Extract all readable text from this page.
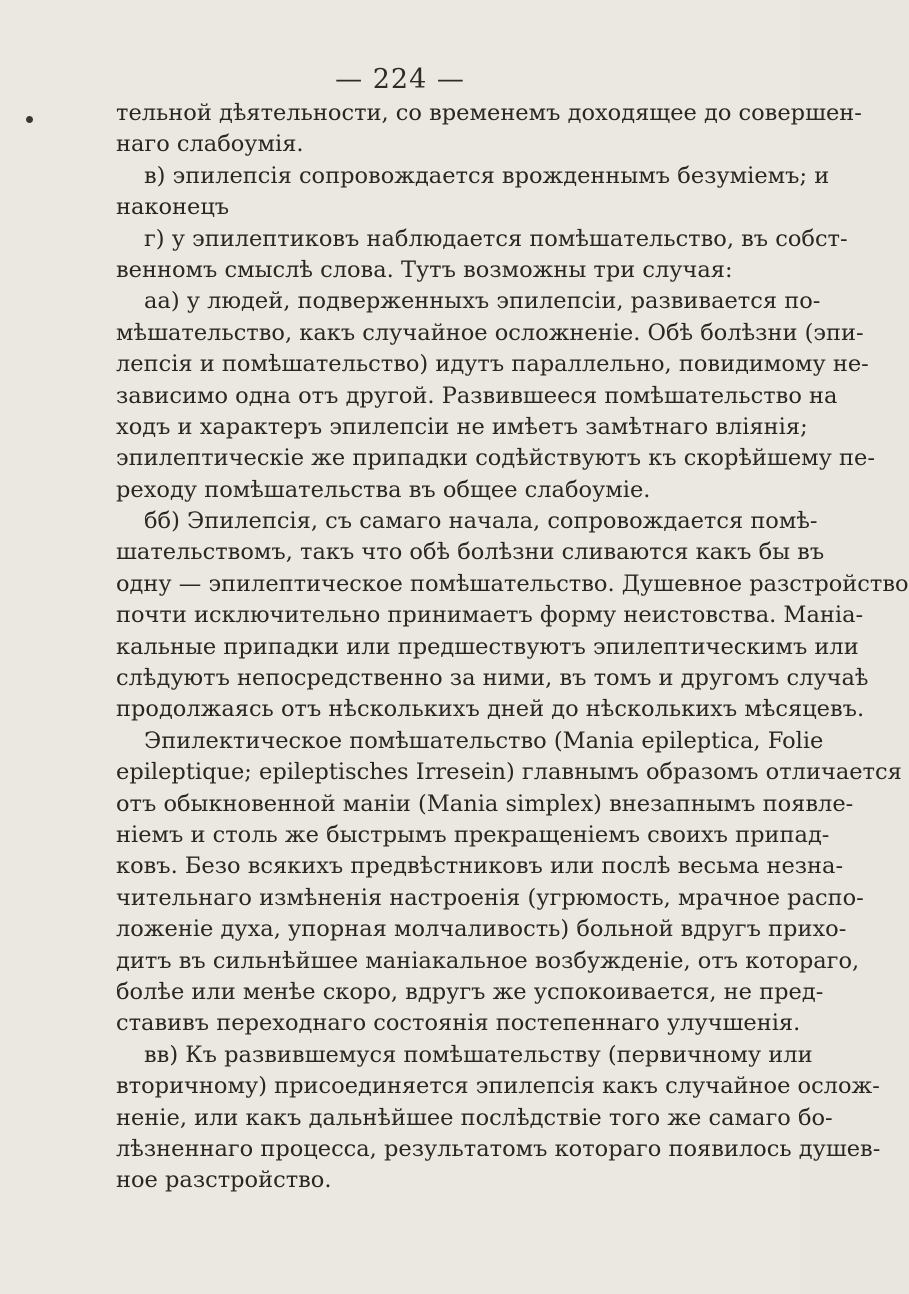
— 224 —
тельной дѣятельности, со временемъ доходящее до совершен-
наго слабоумія.
в) эпилепсія сопровождается врожденнымъ безуміемъ; и
наконецъ
г) у эпилептиковъ наблюдается помѣшательство, въ собст-
венномъ смыслѣ слова. Тутъ возможны три случая:
аа) у людей, подверженныхъ эпилепсіи, развивается по-
мѣшательство, какъ случайное осложненіе. Обѣ болѣзни (эпи-
лепсія и помѣшательство) идутъ параллельно, повидимому не-
зависимо одна отъ другой. Развившееся помѣшательство на
ходъ и характеръ эпилепсіи не имѣетъ замѣтнаго вліянія;
эпилептическіе же припадки содѣйствуютъ къ скорѣйшему пе-
реходу помѣшательства въ общее слабоуміе.
бб) Эпилепсія, съ самаго начала, сопровождается помѣ-
шательствомъ, такъ что обѣ болѣзни сливаются какъ бы въ
одну — эпилептическое помѣшательство. Душевное разстройство
почти исключительно принимаетъ форму неистовства. Маніа-
кальные припадки или предшествуютъ эпилептическимъ или
слѣдуютъ непосредственно за ними, въ томъ и другомъ случаѣ
продолжаясь отъ нѣсколькихъ дней до нѣсколькихъ мѣсяцевъ.
Эпилектическое помѣшательство (Mania epileptica, Folie
epileptique; epileptisches Irresein) главнымъ образомъ отличается
отъ обыкновенной маніи (Mania simplex) внезапнымъ появле-
ніемъ и столь же быстрымъ прекращеніемъ своихъ припад-
ковъ. Безо всякихъ предвѣстниковъ или послѣ весьма незна-
чительнаго измѣненія настроенія (угрюмость, мрачное распо-
ложеніе духа, упорная молчаливость) больной вдругъ прихо-
дитъ въ сильнѣйшее маніакальное возбужденіе, отъ котораго,
болѣе или менѣе скоро, вдругъ же успокоивается, не пред-
ставивъ переходнаго состоянія постепеннаго улучшенія.
вв) Къ развившемуся помѣшательству (первичному или
вторичному) присоединяется эпилепсія какъ случайное ослож-
неніе, или какъ дальнѣйшее послѣдствіе того же самаго бо-
лѣзненнаго процесса, результатомъ котораго появилось душев-
ное разстройство.
